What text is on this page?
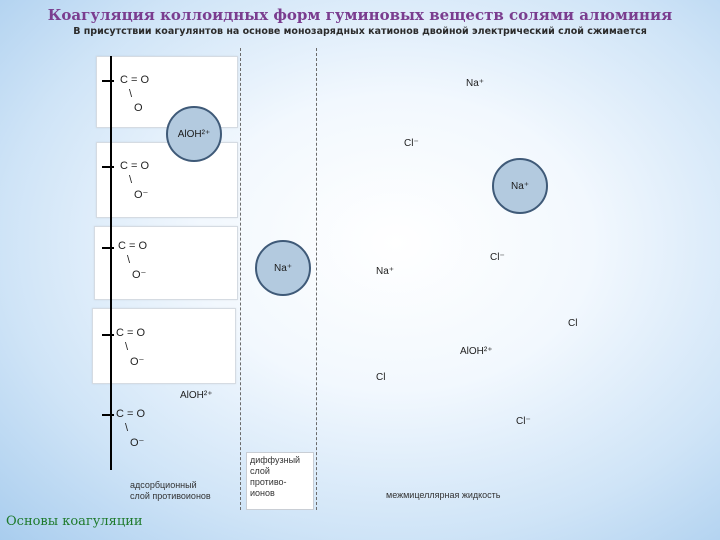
Коагуляция коллоидных форм гуминовых веществ солями алюминия
В присутствии коагулянтов на основе монозарядных катионов двойной электрический слой сжимается
C = O
\
O
C = O
\
O⁻
C = O
\
O⁻
C = O
\
O⁻
C = O
\
O⁻
AlOH²⁺
Na⁺
Na⁺
AlOH²⁺
Na⁺
Cl⁻
Cl⁻
Na⁺
Cl
AlOH²⁺
Cl
Cl⁻
адсорбционный
слой противоионов
диффузный
слой
противо-
ионов	межмицеллярная жидкость
Основы коагуляции
